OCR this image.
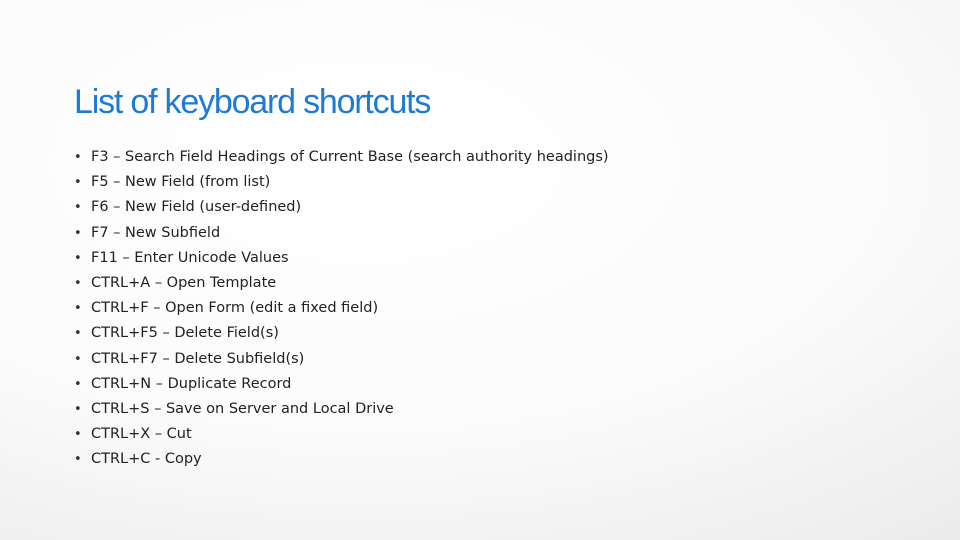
List of keyboard shortcuts
• F3 – Search Field Headings of Current Base (search authority headings)
• F5 – New Field (from list)
• F6 – New Field (user-defined)
• F7 – New Subfield
• F11 – Enter Unicode Values
• CTRL+A – Open Template
• CTRL+F – Open Form (edit a fixed field)
• CTRL+F5 – Delete Field(s)
• CTRL+F7 – Delete Subfield(s)
• CTRL+N – Duplicate Record
• CTRL+S – Save on Server and Local Drive
• CTRL+X – Cut
• CTRL+C - Copy
